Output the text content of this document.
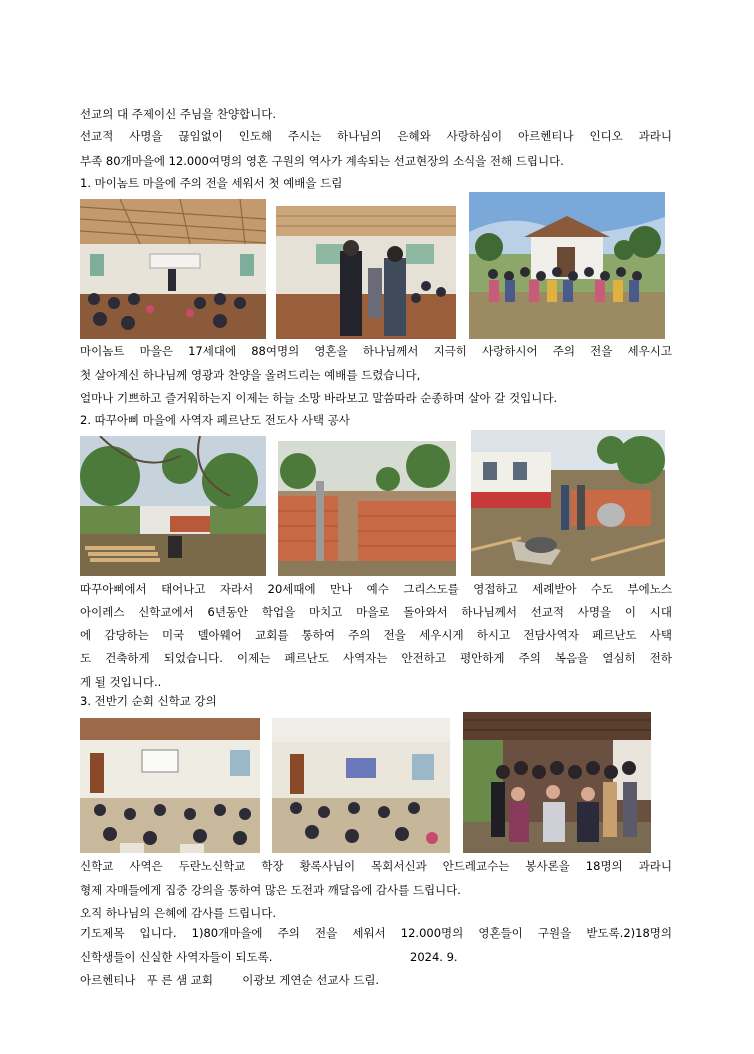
선교의 대 주제이신 주님을 찬양합니다.
선교적 사명을 끊임없이 인도해 주시는 하나님의 은혜와 사랑하심이 아르헨티나 인디오 과라니
부족 80개마을에 12.000여명의 영혼 구원의 역사가 계속되는 선교현장의 소식을 전해 드립니다.
1. 마이놈트 마을에 주의 전을 세워서 첫 예배을 드림
마이놈트 마을은 17세대에 88여명의 영혼을 하나님께서 지극히 사랑하시어 주의 전을 세우시고
첫 살아계신 하나님께 영광과 찬양을 올려드리는 예배를 드렸습니다,
얼마나 기쁘하고 즐거워하는지 이제는 하늘 소망 바라보고 말씀따라 순종하며 살아 갈 것입니다.
2. 따꾸아삐 마을에 사역자 페르난도 전도사 사택 공사
따꾸아삐에서 태어나고 자라서 20세때에 만나 예수 그리스도를 영접하고 세례받아 수도 부에노스
아이레스 신학교에서 6년동안 학업을 마치고 마을로 돌아와서 하나님께서 선교적 사명을 이 시대
에 감당하는 미국 델아웨어 교회를 통하여 주의 전을 세우시게 하시고 전담사역자 페르난도 사택
도 건축하게 되었습니다. 이제는 페르난도 사역자는 안전하고 평안하게 주의 복음을 열심히 전하
게 될 것입니다..
3. 전반기 순회 신학교 강의
신학교 사역은 두란노신학교 학장 황록사님이 목회서신과 안드레교수는 봉사론을 18명의 과라니
형제 자매들에게 집중 강의을 통하여 많은 도전과 깨달음에 감사를 드립니다.
오직 하나님의 은혜에 감사를 드립니다.
기도제목 입니다. 1)80개마을에 주의 전을 세워서 12.000명의 영혼들이 구원을 받도록.2)18명의
신학생들이 신실한 사역자들이 되도록.	2024. 9.
아르헨티나   푸 른 샘 교회        이광보 게연순 선교사 드림.
